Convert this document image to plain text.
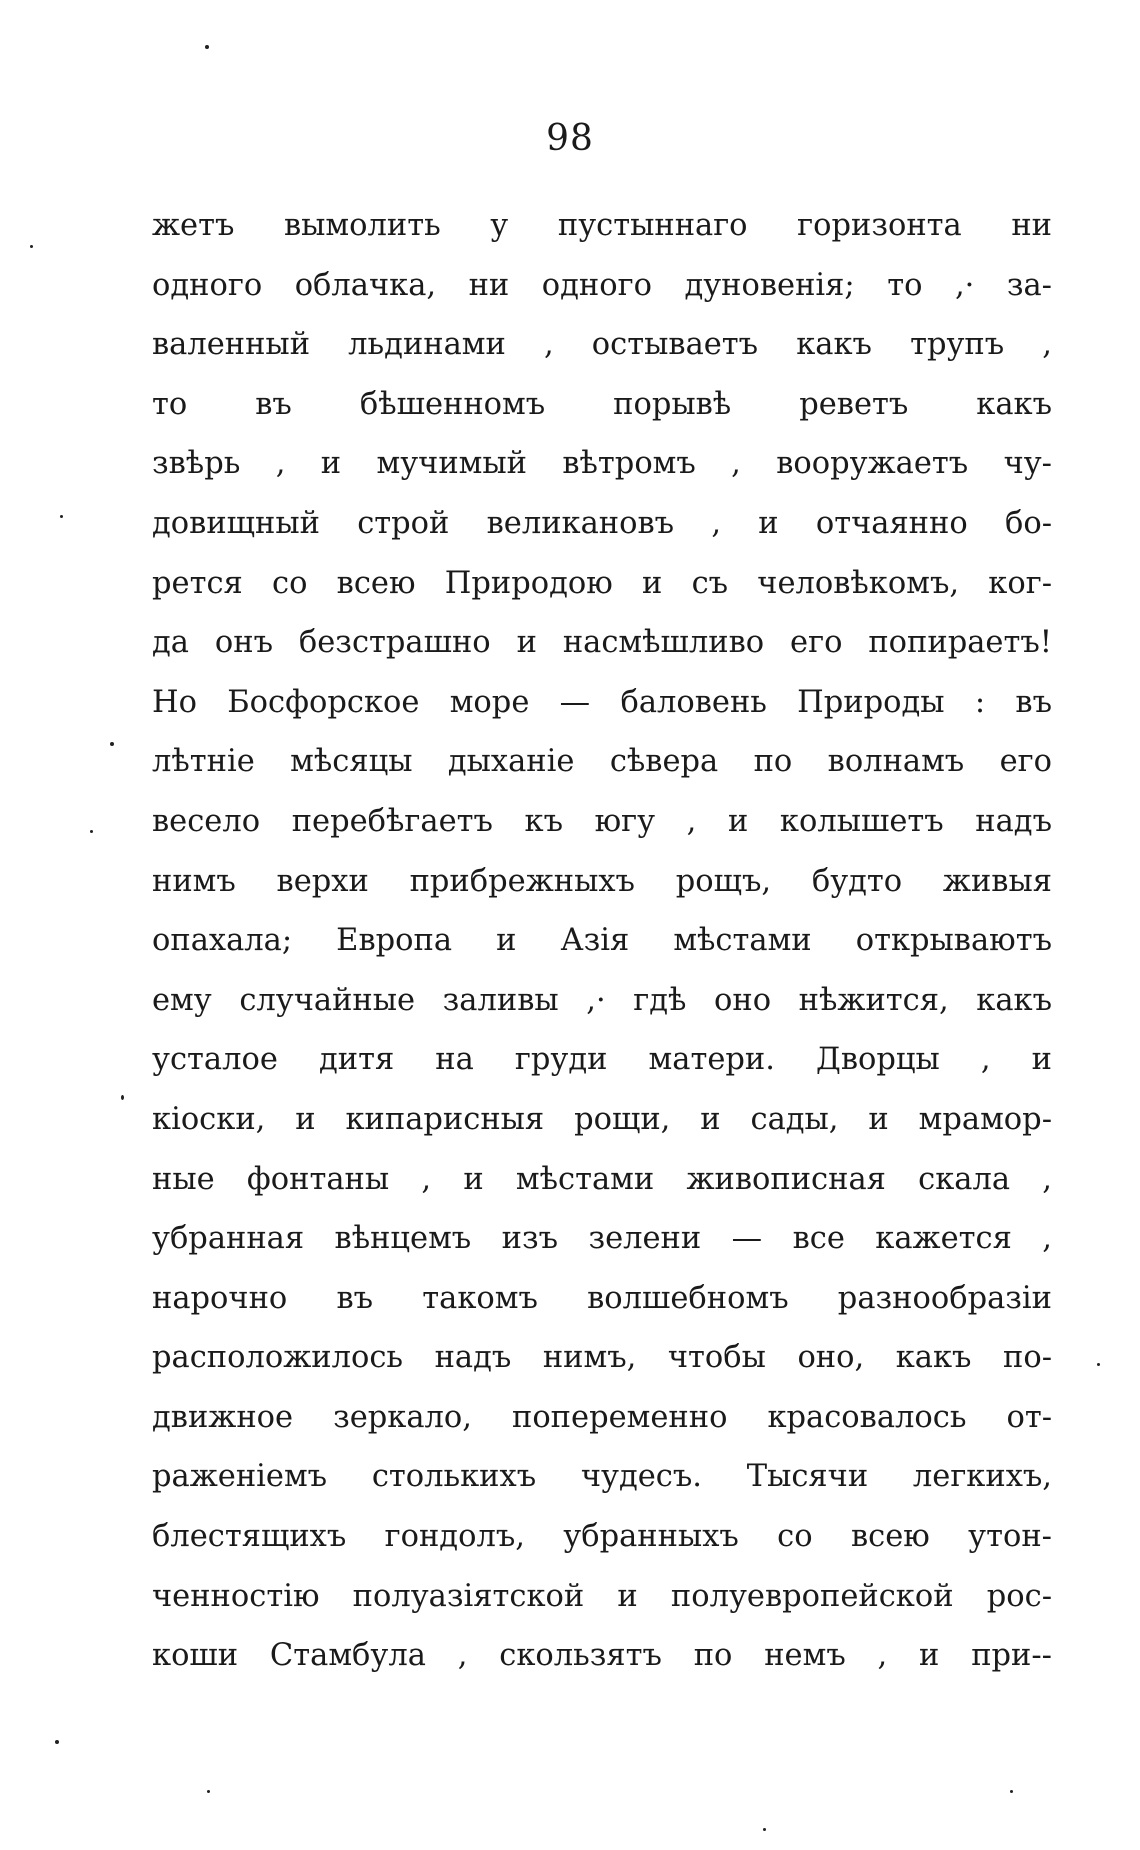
98
жетъ вымолить у пустыннаго горизонта ни
одного облачка, ни одного дуновенія; то ,· за-
валенный льдинами , остываетъ какъ трупъ ,
то въ бѣшенномъ порывѣ реветъ какъ
звѣрь , и мучимый вѣтромъ , вооружаетъ чу-
довищный строй великановъ , и отчаянно бо-
рется со всею Природою и съ человѣкомъ, ког-
да онъ безстрашно и насмѣшливо его попираетъ!
Но Босфорское море — баловень Природы : въ
лѣтніе мѣсяцы дыханіе сѣвера по волнамъ его
весело перебѣгаетъ къ югу , и колышетъ надъ
нимъ верхи прибрежныхъ рощъ, будто живыя
опахала; Европа и Азія мѣстами открываютъ
ему случайные заливы ,· гдѣ оно нѣжится, какъ
усталое дитя на груди матери. Дворцы , и
кіоски, и кипарисныя рощи, и сады, и мрамор-
ные фонтаны , и мѣстами живописная скала ,
убранная вѣнцемъ изъ зелени — все кажется ,
нарочно въ такомъ волшебномъ разнообразіи
расположилось надъ нимъ, чтобы оно, какъ по-
движное зеркало, попеременно красовалось от-
раженіемъ столькихъ чудесъ. Тысячи легкихъ,
блестящихъ гондолъ, убранныхъ со всею утон-
ченностію полуазіятской и полуевропейской рос-
коши Стамбула , скользятъ по немъ , и при--
